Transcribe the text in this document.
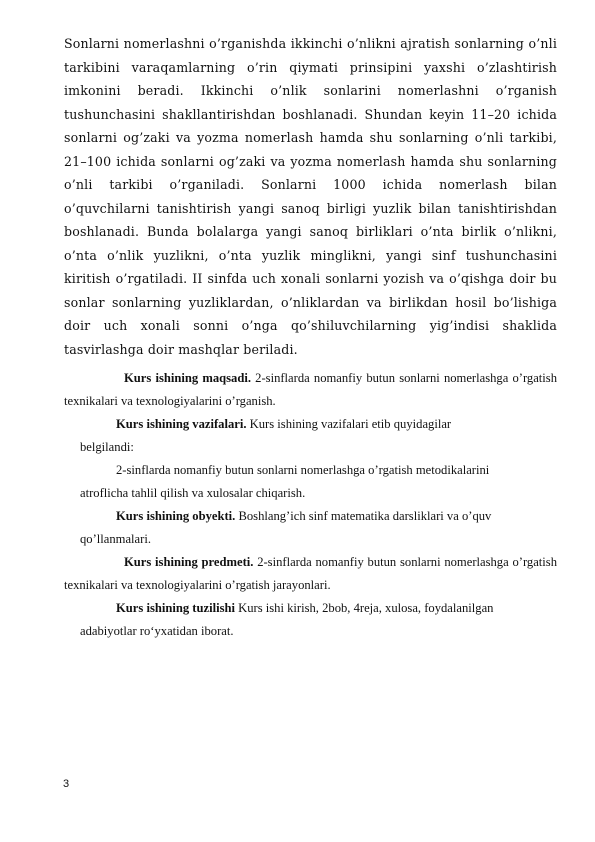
Sonlarni nomerlashni o’rganishda ikkinchi o’nlikni ajratish sonlarning o’nli tarkibini varaqamlarning o’rin qiymati prinsipini yaxshi o’zlashtirish imkonini beradi. Ikkinchi o’nlik sonlarini nomerlashni o’rganish tushunchasini shakllantirishdan boshlanadi. Shundan keyin 11–20 ichida sonlarni og’zaki va yozma nomerlash hamda shu sonlarning o’nli tarkibi, 21–100 ichida sonlarni og’zaki va yozma nomerlash hamda shu sonlarning o’nli tarkibi o’rganiladi. Sonlarni 1000 ichida nomerlash bilan o’quvchilarni tanishtirish yangi sanoq birligi yuzlik bilan tanishtirishdan boshlanadi. Bunda bolalarga yangi sanoq birliklari o’nta birlik o’nlikni, o’nta o’nlik yuzlikni, o’nta yuzlik minglikni, yangi sinf tushunchasini kiritish o’rgatiladi. II sinfda uch xonali sonlarni yozish va o’qishga doir bu sonlar sonlarning yuzliklardan, o’nliklardan va birlikdan hosil bo’lishiga doir uch xonali sonni o’nga qo’shiluvchilarning yig’indisi shaklida tasvirlashga doir mashqlar beriladi.

Kurs ishining maqsadi. 2-sinflarda nomanfiy butun sonlarni nomerlashga o’rgatish texnikalari va texnologiyalarini o’rganish.

Kurs ishining vazifalari. Kurs ishining vazifalari etib quyidagilar belgilandi:

2-sinflarda nomanfiy butun sonlarni nomerlashga o’rgatish metodikalarini atroflicha tahlil qilish va xulosalar chiqarish.

Kurs ishining obyekti. Boshlang’ich sinf matematika darsliklari va o’quv qo’llanmalari.

Kurs ishining predmeti. 2-sinflarda nomanfiy butun sonlarni nomerlashga o’rgatish texnikalari va texnologiyalarini o’rgatish jarayonlari.

Kurs ishining tuzilishi Kurs ishi kirish, 2bob, 4reja, xulosa, foydalanilgan adabiyotlar ro‘yxatidan iborat.

3
